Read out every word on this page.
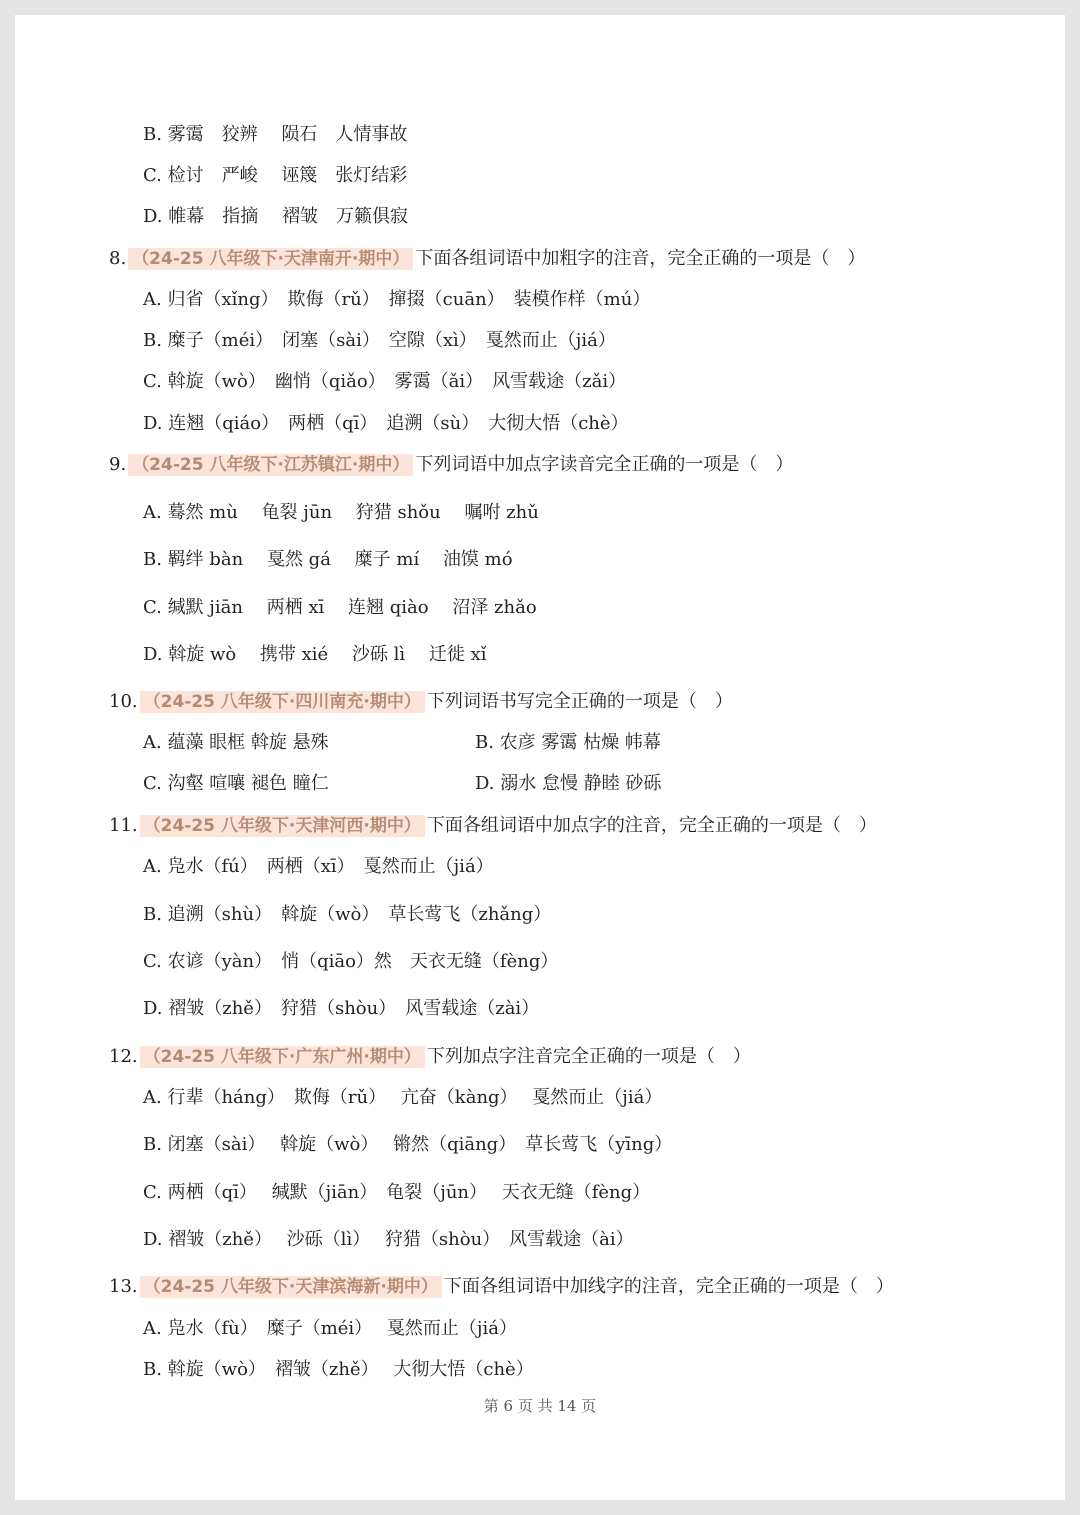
B. 雾霭　狡辨　 陨石　人情事故
C. 检讨　严峻　 诬篾　张灯结彩
D. 帷幕　指摘　 褶皱　万籁俱寂
8. （24-25 八年级下·天津南开·期中） 下面各组词语中加粗字的注音，完全正确的一项是（　）
A. 归省（xǐng）　欺侮（rǔ）　撺掇（cuān）　装模作样（mú）
B. 糜子（méi）　闭塞（sài）　空隙（xì）　戛然而止（jiá）
C. 斡旋（wò）　幽悄（qiǎo）　雾霭（ǎi）　风雪载途（zǎi）
D. 连翘（qiáo）　两栖（qī）　追溯（sù）　大彻大悟（chè）
9. （24-25 八年级下·江苏镇江·期中） 下列词语中加点字读音完全正确的一项是（　）
A. 蓦然 mù　 龟裂 jūn　 狩猎 shǒu　 嘱咐 zhǔ
B. 羁绊 bàn　 戛然 gá　 糜子 mí　 油馍 mó
C. 缄默 jiān　 两栖 xī　 连翘 qiào　 沼泽 zhǎo
D. 斡旋 wò　 携带 xié　 沙砾 lì　 迁徙 xǐ
10. （24-25 八年级下·四川南充·期中） 下列词语书写完全正确的一项是（　）
A. 蕴藻 眼框 斡旋 悬殊	B. 农彦 雾霭 枯燥 帏幕
C. 沟壑 喧嚷 褪色 瞳仁	D. 溺水 怠慢 静睦 砂砾
11. （24-25 八年级下·天津河西·期中） 下面各组词语中加点字的注音，完全正确的一项是（　）
A. 凫水（fú）　两栖（xī）　戛然而止（jiá）
B. 追溯（shù）　斡旋（wò）　草长莺飞（zhǎng）
C. 农谚（yàn）　悄（qiāo）然　天衣无缝（fèng）
D. 褶皱（zhě）　狩猎（shòu）　风雪载途（zài）
12. （24-25 八年级下·广东广州·期中） 下列加点字注音完全正确的一项是（　）
A. 行辈（háng）　欺侮（rǔ）　 亢奋（kàng）　 戛然而止（jiá）
B. 闭塞（sài）　 斡旋（wò）　 锵然（qiāng）　草长莺飞（yīng）
C. 两栖（qī）　 缄默（jiān）　龟裂（jūn）　 天衣无缝（fèng）
D. 褶皱（zhě）　 沙砾（lì）　 狩猎（shòu）　风雪载途（ài）
13. （24-25 八年级下·天津滨海新·期中） 下面各组词语中加线字的注音，完全正确的一项是（　）
A. 凫水（fù）　糜子（méi）　 戛然而止（jiá）
B. 斡旋（wò）　褶皱（zhě）　 大彻大悟（chè）
第 6 页 共 14 页
